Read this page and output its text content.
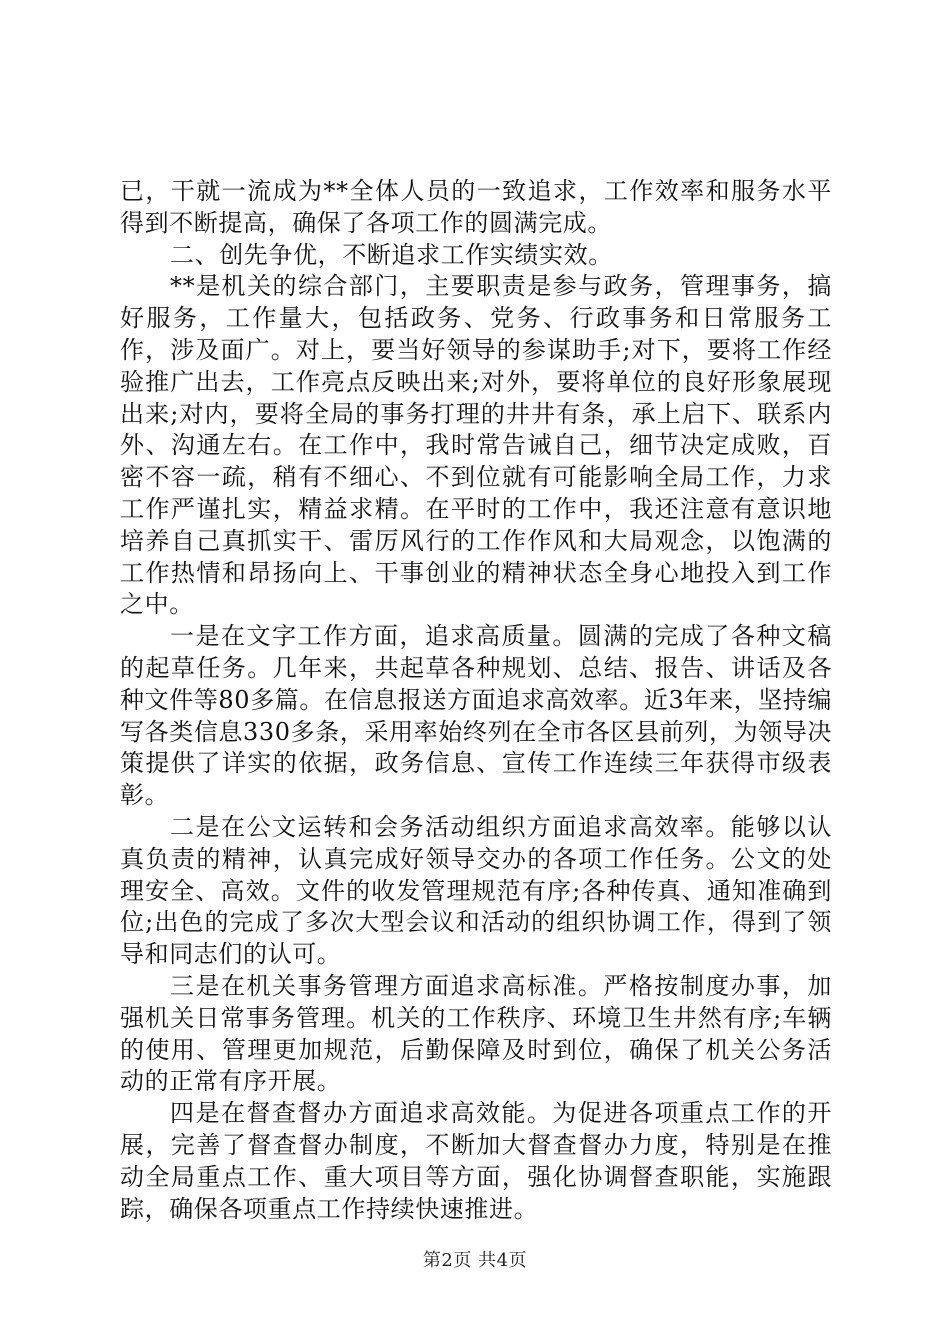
已，干就一流成为**全体人员的一致追求，工作效率和服务水平得到不断提高，确保了各项工作的圆满完成。

二、创先争优，不断追求工作实绩实效。

**是机关的综合部门，主要职责是参与政务，管理事务，搞好服务，工作量大，包括政务、党务、行政事务和日常服务工作，涉及面广。对上，要当好领导的参谋助手;对下，要将工作经验推广出去，工作亮点反映出来;对外，要将单位的良好形象展现出来;对内，要将全局的事务打理的井井有条，承上启下、联系内外、沟通左右。在工作中，我时常告诫自己，细节决定成败，百密不容一疏，稍有不细心、不到位就有可能影响全局工作，力求工作严谨扎实，精益求精。在平时的工作中，我还注意有意识地培养自己真抓实干、雷厉风行的工作作风和大局观念，以饱满的工作热情和昂扬向上、干事创业的精神状态全身心地投入到工作之中。

一是在文字工作方面，追求高质量。圆满的完成了各种文稿的起草任务。几年来，共起草各种规划、总结、报告、讲话及各种文件等80多篇。在信息报送方面追求高效率。近3年来，坚持编写各类信息330多条，采用率始终列在全市各区县前列，为领导决策提供了详实的依据，政务信息、宣传工作连续三年获得市级表彰。

二是在公文运转和会务活动组织方面追求高效率。能够以认真负责的精神，认真完成好领导交办的各项工作任务。公文的处理安全、高效。文件的收发管理规范有序;各种传真、通知准确到位;出色的完成了多次大型会议和活动的组织协调工作，得到了领导和同志们的认可。

三是在机关事务管理方面追求高标准。严格按制度办事，加强机关日常事务管理。机关的工作秩序、环境卫生井然有序;车辆的使用、管理更加规范，后勤保障及时到位，确保了机关公务活动的正常有序开展。

四是在督查督办方面追求高效能。为促进各项重点工作的开展，完善了督查督办制度，不断加大督查督办力度，特别是在推动全局重点工作、重大项目等方面，强化协调督查职能，实施跟踪，确保各项重点工作持续快速推进。

第2页 共4页
